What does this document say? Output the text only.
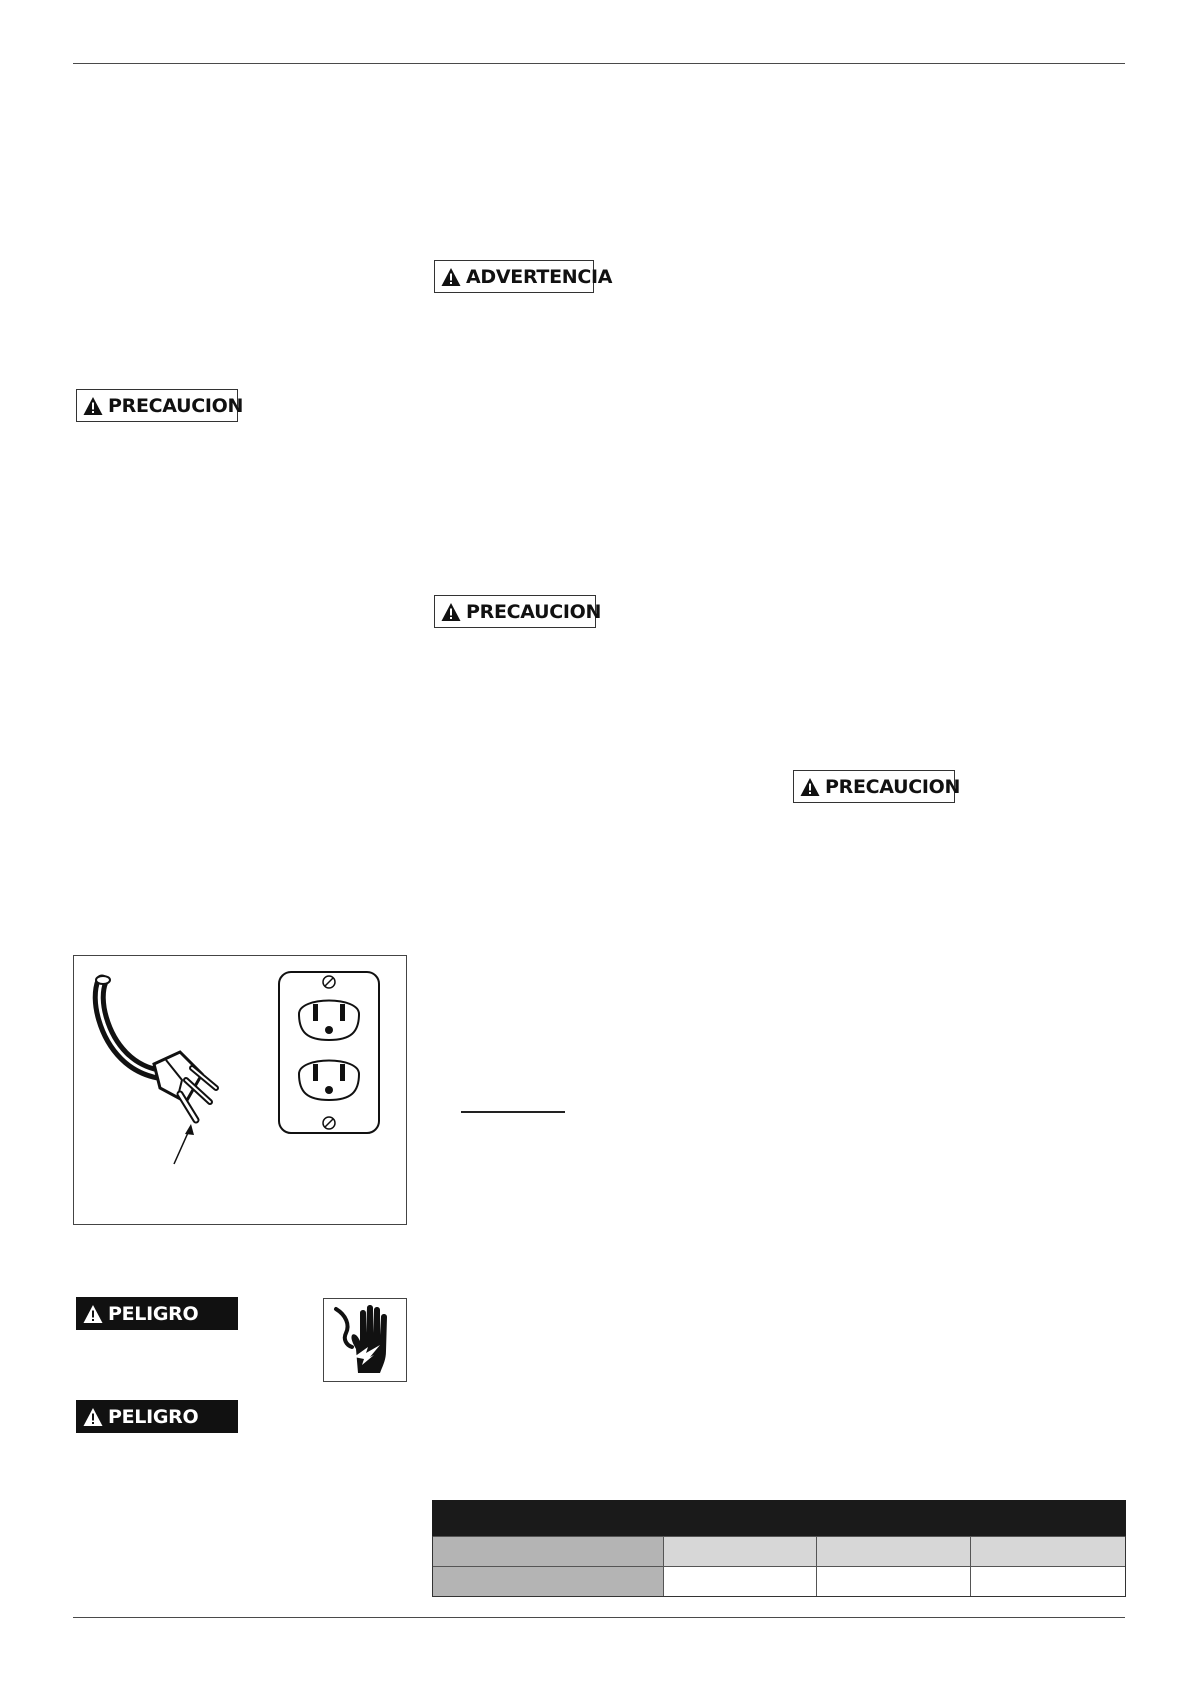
ADVERTENCIA
PRECAUCION
PRECAUCION
PRECAUCION
PELIGRO
PELIGRO
